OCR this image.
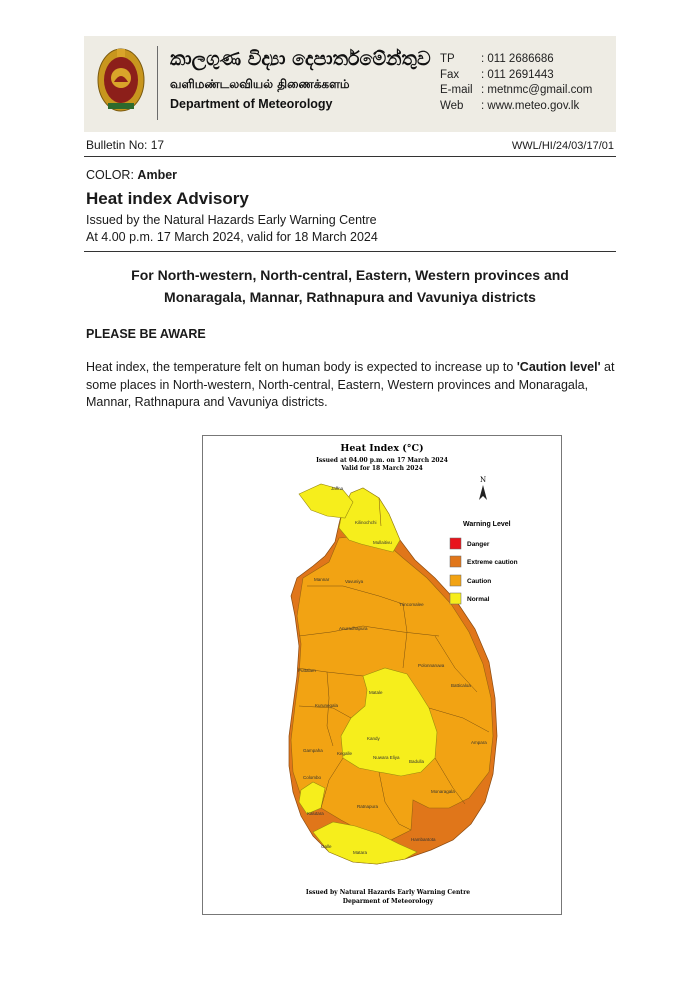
කාලගුණ විද්‍යා දෙපාර්තමේන්තුව
வளிமண்டலவியல் திணைக்களம்
Department of Meteorology
TP	: 011 2686686
Fax	: 011 2691443
E-mail : metnmc@gmail.com
Web	: www.meteo.gov.lk
Bulletin No: 17	WWL/HI/24/03/17/01
COLOR: Amber
Heat index Advisory
Issued by the Natural Hazards Early Warning Centre
At 4.00 p.m. 17 March 2024, valid for 18 March 2024
For North-western, North-central, Eastern, Western provinces and
Monaragala, Mannar, Rathnapura and Vavuniya districts
PLEASE BE AWARE
Heat index, the temperature felt on human body is expected to increase up to 'Caution level' at some places in North-western, North-central, Eastern, Western provinces and Monaragala, Mannar, Rathnapura and Vavuniya districts.
Heat Index (°C)
Issued at 04.00 p.m. on 17 March 2024
Valid for 18 March 2024
N
Jaffna
Kilinochchi
Mullaitivu
Mannar	Vavuniya
Trincomalee
Anuradhapura
Polonnaruwa
Batticaloa
Puttalam
Kurunegala
Matale
Ampara
Kandy
Kegalle
Gampaha
Nuwara Eliya
Badulla
Colombo
Monaragala
Kalutara
Ratnapura
Hambantota
Galle
Matara
Warning Level
Danger
Extreme caution
Caution
Normal
Issued by Natural Hazards Early Warning Centre
Deparment of Meteorology
